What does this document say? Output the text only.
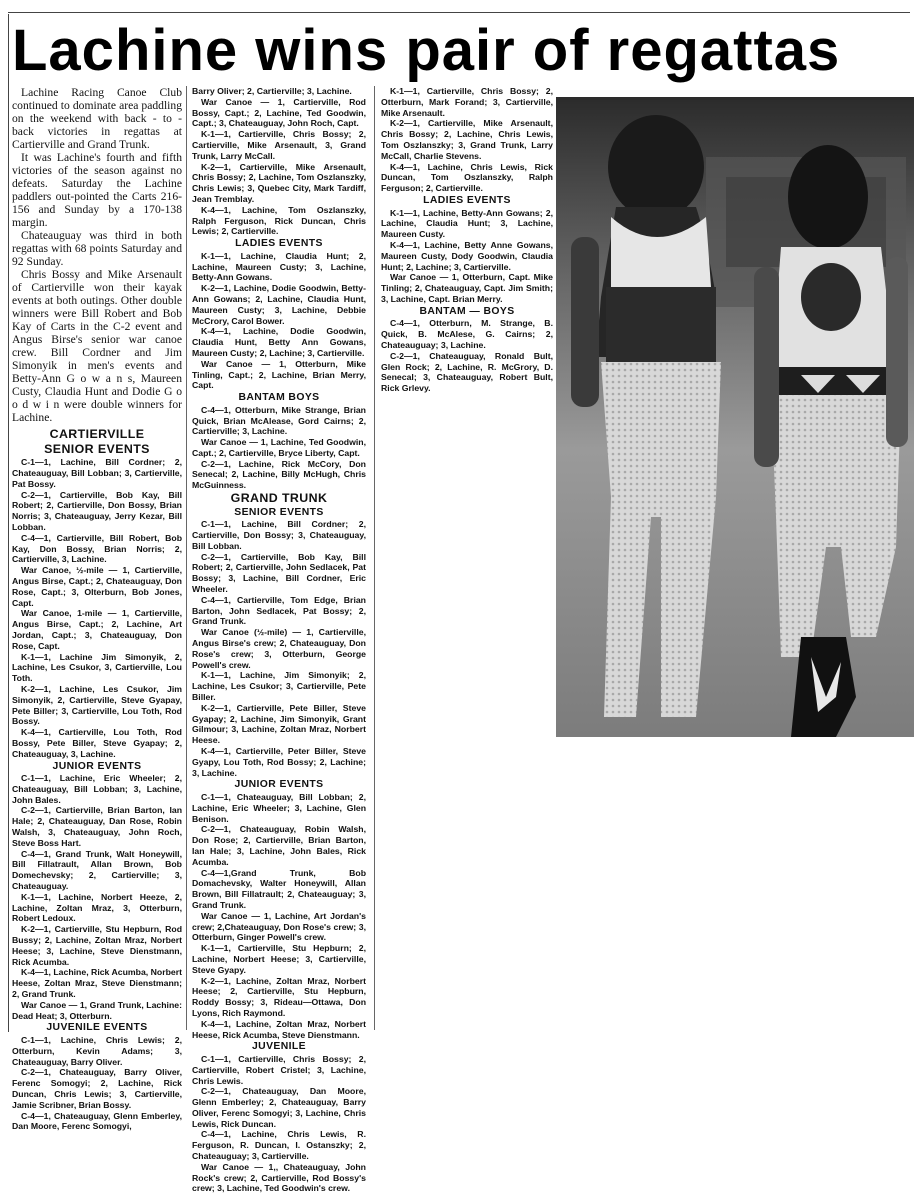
Lachine wins pair of regattas

Lachine Racing Canoe Club continued to dominate area paddling on the weekend with back - to - back victories in regattas at Cartierville and Grand Trunk.

It was Lachine's fourth and fifth victories of the season against no defeats. Saturday the Lachine paddlers out-pointed the Carts 216-156 and Sunday by a 170-138 margin.

Chateauguay was third in both regattas with 68 points Saturday and 92 Sunday.

Chris Bossy and Mike Arsenault of Cartierville won their kayak events at both outings. Other double winners were Bill Robert and Bob Kay of Carts in the C-2 event and Angus Birse's senior war canoe crew. Bill Cordner and Jim Simonyik in men's events and Betty-Ann G o w a n s, Maureen Custy, Claudia Hunt and Dodie G o o d w i n were double winners for Lachine.

CARTIERVILLE
SENIOR EVENTS

C-1—1, Lachine, Bill Cordner; 2, Chateauguay, Bill Lobban; 3, Cartierville, Pat Bossy.

C-2—1, Cartierville, Bob Kay, Bill Robert; 2, Cartierville, Don Bossy, Brian Norris; 3, Chateauguay, Jerry Kezar, Bill Lobban.

C-4—1, Cartierville, Bill Robert, Bob Kay, Don Bossy, Brian Norris; 2, Cartierville, 3, Lachine.

War Canoe, ½-mile — 1, Cartierville, Angus Birse, Capt.; 2, Chateauguay, Don Rose, Capt.; 3, Olterburn, Bob Jones, Capt.

War Canoe, 1-mile — 1, Cartierville, Angus Birse, Capt.; 2, Lachine, Art Jordan, Capt.; 3, Chateauguay, Don Rose, Capt.

K-1—1, Lachine Jim Simonyik, 2, Lachine, Les Csukor, 3, Cartierville, Lou Toth.

K-2—1, Lachine, Les Csukor, Jim Simonyik, 2, Cartierville, Steve Gyapay, Pete Biller; 3, Cartierville, Lou Toth, Rod Bossy.

K-4—1, Cartierville, Lou Toth, Rod Bossy, Pete Biller, Steve Gyapay; 2, Chateauguay, 3, Lachine.

JUNIOR EVENTS

C-1—1, Lachine, Eric Wheeler; 2, Chateauguay, Bill Lobban; 3, Lachine, John Bales.

C-2—1, Cartierville, Brian Barton, Ian Hale; 2, Chateauguay, Dan Rose, Robin Walsh, 3, Chateauguay, John Roch, Steve Boss Hart.

C-4—1, Grand Trunk, Walt Honeywill, Bill Fillatrault, Allan Brown, Bob Domechevsky; 2, Cartierville; 3, Chateauguay.

K-1—1, Lachine, Norbert Heeze, 2, Lachine, Zoltan Mraz, 3, Otterburn, Robert Ledoux.

K-2—1, Cartierville, Stu Hepburn, Rod Bussy; 2, Lachine, Zoltan Mraz, Norbert Heese; 3, Lachine, Steve Dienstmann, Rick Acumba.

K-4—1, Lachine, Rick Acumba, Norbert Heese, Zoltan Mraz, Steve Dienstmann; 2, Grand Trunk.

War Canoe — 1, Grand Trunk, Lachine: Dead Heat; 3, Otterburn.

JUVENILE EVENTS

C-1—1, Lachine, Chris Lewis; 2, Otterburn, Kevin Adams; 3, Chateauguay, Barry Oliver.

C-2—1, Chateauguay, Barry Oliver, Ferenc Somogyi; 2, Lachine, Rick Duncan, Chris Lewis; 3, Cartierville, Jamie Scribner, Brian Bossy.

C-4—1, Chateauguay, Glenn Emberley, Dan Moore, Ferenc Somogyi,

Barry Oliver; 2, Cartierville; 3, Lachine.

War Canoe — 1, Cartierville, Rod Bossy, Capt.; 2, Lachine, Ted Goodwin, Capt.; 3, Chateauguay, John Roch, Capt.

K-1—1, Cartierville, Chris Bossy; 2, Cartierville, Mike Arsenault, 3, Grand Trunk, Larry McCall.

K-2—1, Cartierville, Mike Arsenault, Chris Bossy; 2, Lachine, Tom Oszlanszky, Chris Lewis; 3, Quebec City, Mark Tardiff, Jean Tremblay.

K-4—1, Lachine, Tom Oszlanszky, Ralph Ferguson, Rick Duncan, Chris Lewis; 2, Cartierville.

LADIES EVENTS

K-1—1, Lachine, Claudia Hunt; 2, Lachine, Maureen Custy; 3, Lachine, Betty-Ann Gowans.

K-2—1, Lachine, Dodie Goodwin, Betty-Ann Gowans; 2, Lachine, Claudia Hunt, Maureen Custy; 3, Lachine, Debbie McCrory, Carol Bower.

K-4—1, Lachine, Dodie Goodwin, Claudia Hunt, Betty Ann Gowans, Maureen Custy; 2, Lachine; 3, Cartierville.

War Canoe — 1, Otterburn, Mike Tinling, Capt.; 2, Lachine, Brian Merry, Capt.

BANTAM BOYS

C-4—1, Otterburn, Mike Strange, Brian Quick, Brian McAlease, Gord Cairns; 2, Cartierville; 3, Lachine.

War Canoe — 1, Lachine, Ted Goodwin, Capt.; 2, Cartierville, Bryce Liberty, Capt.

C-2—1, Lachine, Rick McCory, Don Senecal; 2, Lachine, Billy McHugh, Chris McGuinness.

GRAND TRUNK
SENIOR EVENTS

C-1—1, Lachine, Bill Cordner; 2, Cartierville, Don Bossy; 3, Chateauguay, Bill Lobban.

C-2—1, Cartierville, Bob Kay, Bill Robert; 2, Cartierville, John Sedlacek, Pat Bossy; 3, Lachine, Bill Cordner, Eric Wheeler.

C-4—1, Cartierville, Tom Edge, Brian Barton, John Sedlacek, Pat Bossy; 2, Grand Trunk.

War Canoe (½-mile) — 1, Cartierville, Angus Birse's crew; 2, Chateauguay, Don Rose's crew; 3, Otterburn, George Powell's crew.

K-1—1, Lachine, Jim Simonyik; 2, Lachine, Les Csukor; 3, Cartierville, Pete Biller.

K-2—1, Cartierville, Pete Biller, Steve Gyapay; 2, Lachine, Jim Simonyik, Grant Gilmour; 3, Lachine, Zoltan Mraz, Norbert Heese.

K-4—1, Cartierville, Peter Biller, Steve Gyapy, Lou Toth, Rod Bossy; 2, Lachine; 3, Lachine.

JUNIOR EVENTS

C-1—1, Chateauguay, Bill Lobban; 2, Lachine, Eric Wheeler; 3, Lachine, Glen Benison.

C-2—1, Chateauguay, Robin Walsh, Don Rose; 2, Cartierville, Brian Barton, Ian Hale; 3, Lachine, John Bales, Rick Acumba.

C-4—1,Grand Trunk, Bob Domachevsky, Walter Honeywill, Allan Brown, Bill Fillatrault; 2, Chateauguay; 3, Grand Trunk.

War Canoe — 1, Lachine, Art Jordan's crew; 2,Chateauguay, Don Rose's crew; 3, Otterburn, Ginger Powell's crew.

K-1—1, Cartierville, Stu Hepburn; 2, Lachine, Norbert Heese; 3, Cartierville, Steve Gyapy.

K-2—1, Lachine, Zoltan Mraz, Norbert Heese; 2, Cartierville, Stu Hepburn, Roddy Bossy; 3, Rideau—Ottawa, Don Lyons, Rich Raymond.

K-4—1, Lachine, Zoltan Mraz, Norbert Heese, Rick Acumba, Steve Dienstmann.

JUVENILE

C-1—1, Cartierville, Chris Bossy; 2, Cartierville, Robert Cristel; 3, Lachine, Chris Lewis.

C-2—1, Chateauguay, Dan Moore, Glenn Emberley; 2, Chateauguay, Barry Oliver, Ferenc Somogyi; 3, Lachine, Chris Lewis, Rick Duncan.

C-4—1, Lachine, Chris Lewis, R. Ferguson, R. Duncan, I. Ostanszky; 2, Chateauguay; 3, Cartierville.

War Canoe — 1,, Chateauguay, John Rock's crew; 2, Cartierville, Rod Bossy's crew; 3, Lachine, Ted Goodwin's crew.

K-1—1, Cartierville, Chris Bossy; 2, Otterburn, Mark Forand; 3, Cartierville, Mike Arsenault.

K-2—1, Cartierville, Mike Arsenault, Chris Bossy; 2, Lachine, Chris Lewis, Tom Oszlanszky; 3, Grand Trunk, Larry McCall, Charlie Stevens.

K-4—1, Lachine, Chris Lewis, Rick Duncan, Tom Oszlanszky, Ralph Ferguson; 2, Cartierville.

LADIES EVENTS

K-1—1, Lachine, Betty-Ann Gowans; 2, Lachine, Claudia Hunt; 3, Lachine, Maureen Custy.

K-4—1, Lachine, Betty Anne Gowans, Maureen Custy, Dody Goodwin, Claudia Hunt; 2, Lachine; 3, Cartierville.

War Canoe — 1, Otterburn, Capt. Mike Tinling; 2, Chateauguay, Capt. Jim Smith; 3, Lachine, Capt. Brian Merry.

BANTAM — BOYS

C-4—1, Otterburn, M. Strange, B. Quick, B. McAlese, G. Cairns; 2, Chateauguay; 3, Lachine.

C-2—1, Chateauguay, Ronald Bult, Glen Rock; 2, Lachine, R. McGrory, D. Senecal; 3, Chateauguay, Robert Bult, Rick Grlevy.
